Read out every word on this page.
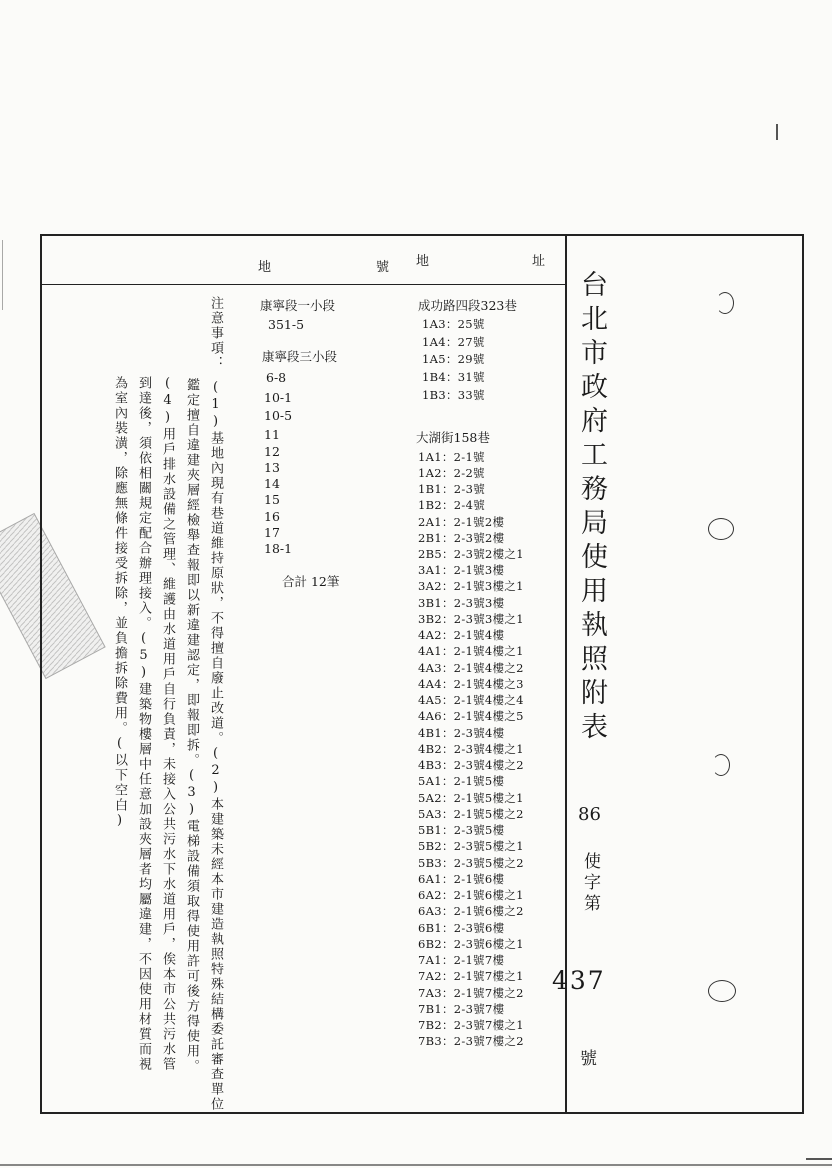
地	號 地	址
注意事項：
(1)基地內現有巷道維持原狀，不得擅自廢止改道。(2)本建築未經本市建造執照特殊結構委託審查單位
鑑定擅自違建夾層經檢舉查報即以新違建認定，即報即拆。(3)電梯設備須取得使用許可後方得使用。
(4)用戶排水設備之管理、維護由水道用戶自行負責，未接入公共污水下水道用戶，俟本市公共污水管
到達後，須依相關規定配合辦理接入。(5)建築物樓層中任意加設夾層者均屬違建，不因使用材質而視
為室內裝潢，除應無條件接受拆除，並負擔拆除費用。(以下空白)
康寧段一小段
351-5
康寧段三小段
6-8
10-1
10-5
11
12
13
14
15
16
17
18-1
合計 12筆
成功路四段323巷
1A3：25號
1A4：27號
1A5：29號
1B4：31號
1B3：33號
大湖街158巷
1A1：2-1號
1A2：2-2號
1B1：2-3號
1B2：2-4號
2A1：2-1號2樓
2B1：2-3號2樓
2B5：2-3號2樓之1
3A1：2-1號3樓
3A2：2-1號3樓之1
3B1：2-3號3樓
3B2：2-3號3樓之1
4A2：2-1號4樓
4A1：2-1號4樓之1
4A3：2-1號4樓之2
4A4：2-1號4樓之3
4A5：2-1號4樓之4
4A6：2-1號4樓之5
4B1：2-3號4樓
4B2：2-3號4樓之1
4B3：2-3號4樓之2
5A1：2-1號5樓
5A2：2-1號5樓之1
5A3：2-1號5樓之2
5B1：2-3號5樓
5B2：2-3號5樓之1
5B3：2-3號5樓之2
6A1：2-1號6樓
6A2：2-1號6樓之1
6A3：2-1號6樓之2
6B1：2-3號6樓
6B2：2-3號6樓之1
7A1：2-1號7樓
7A2：2-1號7樓之1
7A3：2-1號7樓之2
7B1：2-3號7樓
7B2：2-3號7樓之1
7B3：2-3號7樓之2
台北市政府工務局使用執照附表
86
使字第
437
號
